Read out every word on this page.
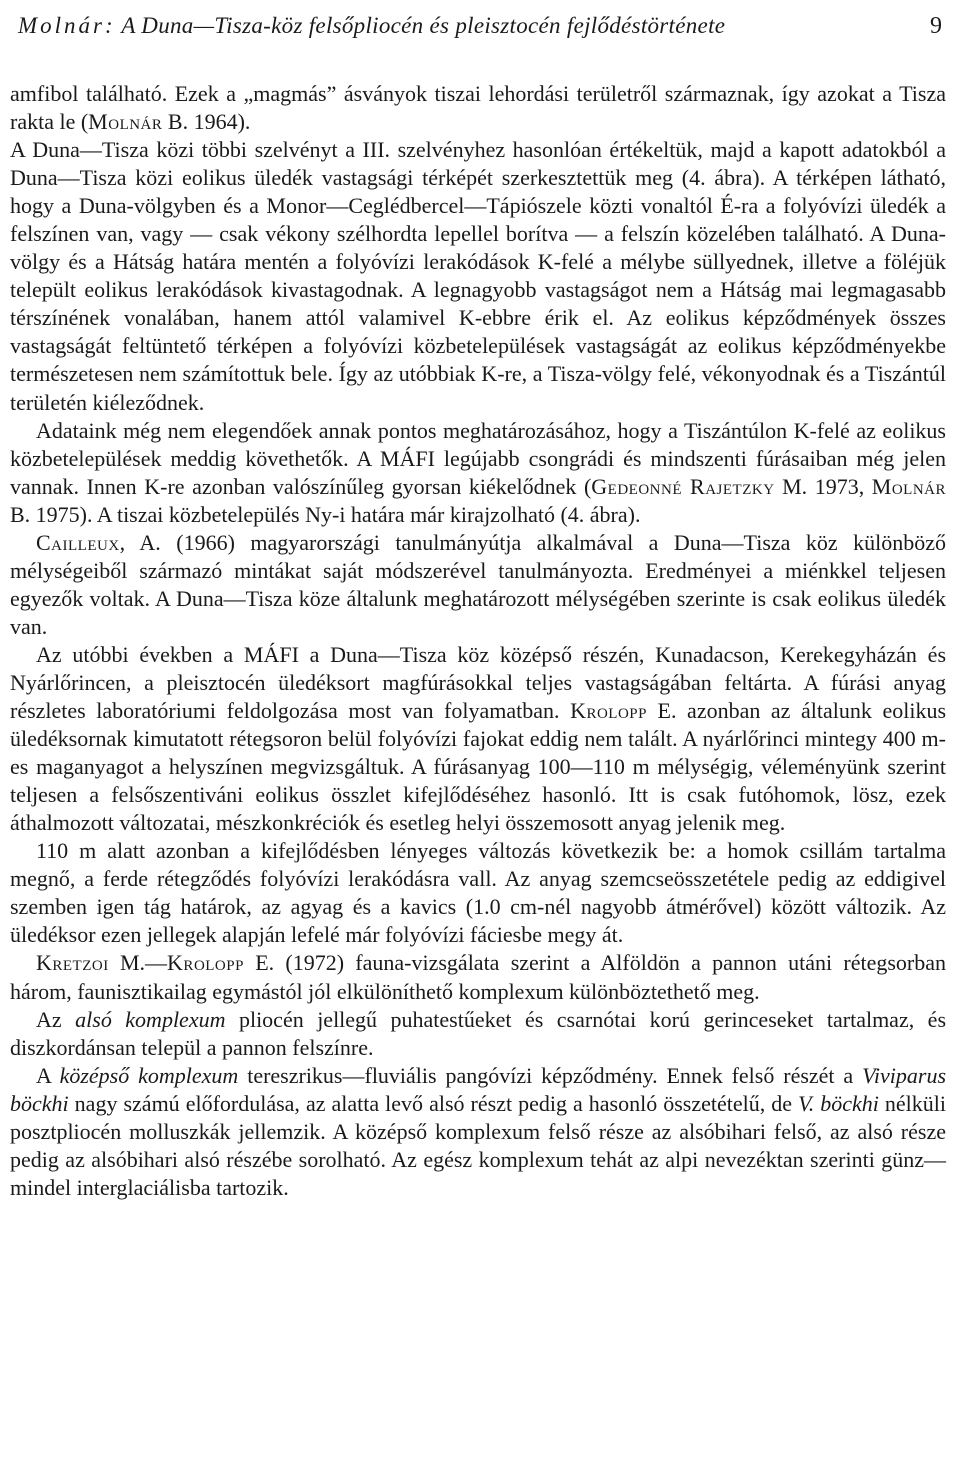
Molnár: A Duna—Tisza-köz felsőpliocén és pleisztocén fejlődéstörténete	9

amfibol található. Ezek a „magmás” ásványok tiszai lehordási területről származnak, így azokat a Tisza rakta le (Molnár B. 1964).

A Duna—Tisza közi többi szelvényt a III. szelvényhez hasonlóan értékeltük, majd a kapott adatokból a Duna—Tisza közi eolikus üledék vastagsági térképét szerkesztettük meg (4. ábra). A térképen látható, hogy a Duna-völgyben és a Monor—Ceglédbercel—Tápiószele közti vonaltól É-ra a folyóvízi üledék a felszínen van, vagy — csak vékony szélhordta lepellel borítva — a felszín közelében található. A Duna-völgy és a Hátság határa mentén a folyóvízi lerakódások K-felé a mélybe süllyednek, illetve a föléjük települt eolikus lerakódások kivastagodnak. A legnagyobb vastagságot nem a Hátság mai legmagasabb térszínének vonalában, hanem attól valamivel K-ebbre érik el. Az eolikus képződmények összes vastagságát feltüntető térképen a folyóvízi közbetelepülések vastagságát az eolikus képződményekbe természetesen nem számítottuk bele. Így az utóbbiak K-re, a Tisza-völgy felé, vékonyodnak és a Tiszántúl területén kiéleződnek.

Adataink még nem elegendőek annak pontos meghatározásához, hogy a Tiszántúlon K-felé az eolikus közbetelepülések meddig követhetők. A MÁFI legújabb csongrádi és mindszenti fúrásaiban még jelen vannak. Innen K-re azonban valószínűleg gyorsan kiékelődnek (Gedeonné Rajetzky M. 1973, Molnár B. 1975). A tiszai közbetelepülés Ny-i határa már kirajzolható (4. ábra).

Cailleux, A. (1966) magyarországi tanulmányútja alkalmával a Duna—Tisza köz különböző mélységeiből származó mintákat saját módszerével tanulmányozta. Eredményei a miénkkel teljesen egyezők voltak. A Duna—Tisza köze általunk meghatározott mélységében szerinte is csak eolikus üledék van.

Az utóbbi években a MÁFI a Duna—Tisza köz középső részén, Kunadacson, Kerekegyházán és Nyárlőrincen, a pleisztocén üledéksort magfúrásokkal teljes vastagságában feltárta. A fúrási anyag részletes laboratóriumi feldolgozása most van folyamatban. Krolopp E. azonban az általunk eolikus üledéksornak kimutatott rétegsoron belül folyóvízi fajokat eddig nem talált. A nyárlőrinci mintegy 400 m-es maganyagot a helyszínen megvizsgáltuk. A fúrásanyag 100—110 m mélységig, véleményünk szerint teljesen a felsőszentiváni eolikus összlet kifejlődéséhez hasonló. Itt is csak futóhomok, lösz, ezek áthalmozott változatai, mészkonkréciók és esetleg helyi összemosott anyag jelenik meg.

110 m alatt azonban a kifejlődésben lényeges változás következik be: a homok csillám tartalma megnő, a ferde rétegződés folyóvízi lerakódásra vall. Az anyag szemcseösszetétele pedig az eddigivel szemben igen tág határok, az agyag és a kavics (1.0 cm-nél nagyobb átmérővel) között változik. Az üledéksor ezen jellegek alapján lefelé már folyóvízi fáciesbe megy át.

Kretzoi M.—Krolopp E. (1972) fauna-vizsgálata szerint a Alföldön a pannon utáni rétegsorban három, faunisztikailag egymástól jól elkülöníthető komplexum különböztethető meg.

Az alsó komplexum pliocén jellegű puhatestűeket és csarnótai korú gerinceseket tartalmaz, és diszkordánsan települ a pannon felszínre.

A középső komplexum tereszrikus—fluviális pangóvízi képződmény. Ennek felső részét a Viviparus böckhi nagy számú előfordulása, az alatta levő alsó részt pedig a hasonló összetételű, de V. böckhi nélküli posztpliocén molluszkák jellemzik. A középső komplexum felső része az alsóbihari felső, az alsó része pedig az alsóbihari alsó részébe sorolható. Az egész komplexum tehát az alpi nevezéktan szerinti günz—mindel interglaciálisba tartozik.
